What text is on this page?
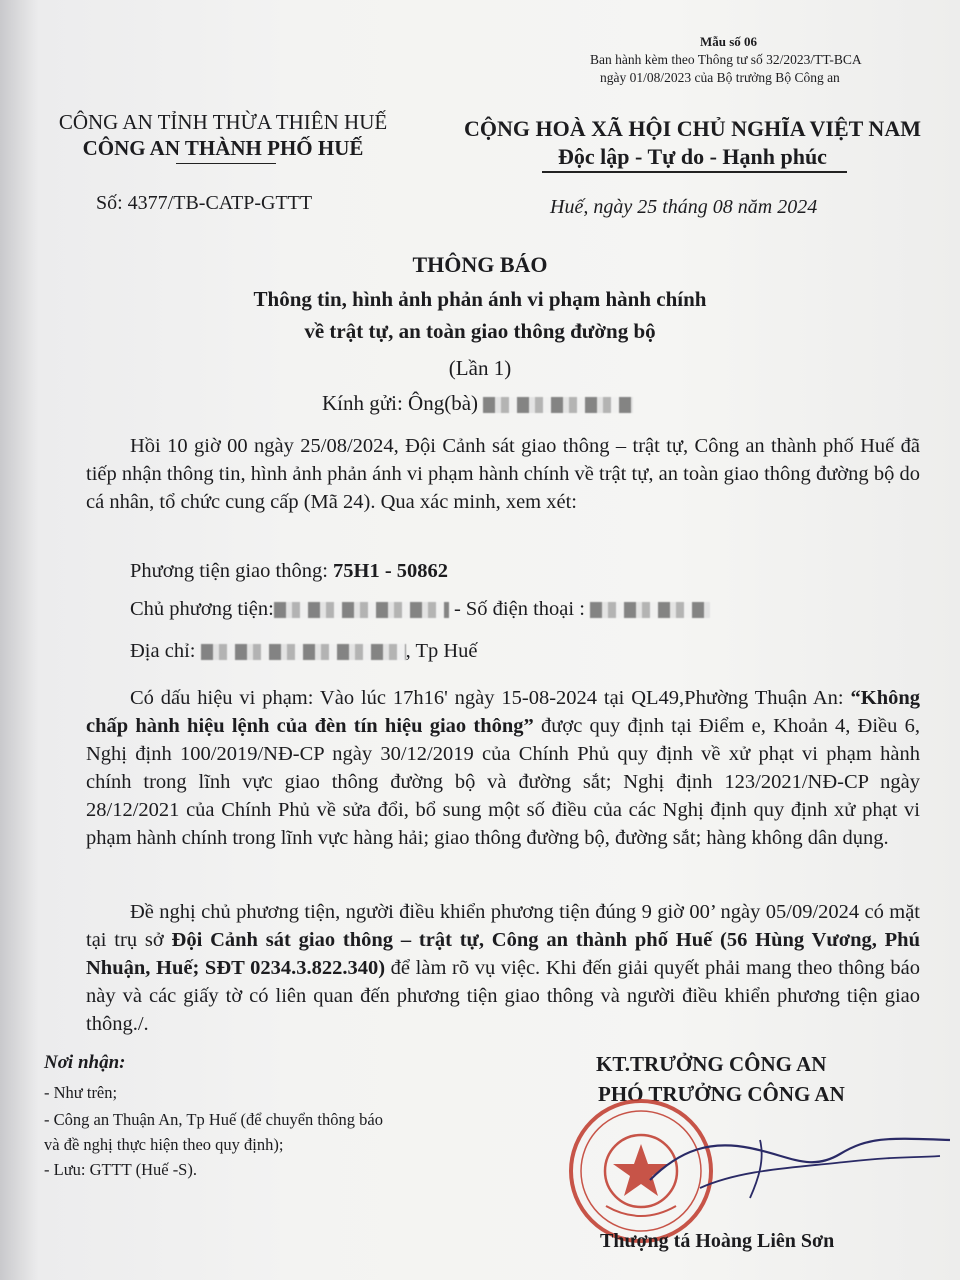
Mẫu số 06
Ban hành kèm theo Thông tư số 32/2023/TT-BCA
ngày 01/08/2023 của Bộ trưởng Bộ Công an
CÔNG AN TỈNH THỪA THIÊN HUẾ
CÔNG AN THÀNH PHỐ HUẾ
CỘNG HOÀ XÃ HỘI CHỦ NGHĨA VIỆT NAM
Độc lập - Tự do - Hạnh phúc
Số: 4377/TB-CATP-GTTT	Huế, ngày 25 tháng 08 năm 2024
THÔNG BÁO
Thông tin, hình ảnh phản ánh vi phạm hành chính
về trật tự, an toàn giao thông đường bộ
(Lần 1)
Kính gửi: Ông(bà)
Hồi 10 giờ 00 ngày 25/08/2024, Đội Cảnh sát giao thông – trật tự, Công an thành phố Huế đã tiếp nhận thông tin, hình ảnh phản ánh vi phạm hành chính về trật tự, an toàn giao thông đường bộ do cá nhân, tổ chức cung cấp (Mã 24). Qua xác minh, xem xét:
Phương tiện giao thông: 75H1 - 50862
Chủ phương tiện:	- Số điện thoại :
Địa chỉ:	, Tp Huế
Có dấu hiệu vi phạm: Vào lúc 17h16' ngày 15-08-2024 tại QL49,Phường Thuận An: “Không chấp hành hiệu lệnh của đèn tín hiệu giao thông” được quy định tại Điểm e, Khoản 4, Điều 6, Nghị định 100/2019/NĐ-CP ngày 30/12/2019 của Chính Phủ quy định về xử phạt vi phạm hành chính trong lĩnh vực giao thông đường bộ và đường sắt; Nghị định 123/2021/NĐ-CP ngày 28/12/2021 của Chính Phủ về sửa đổi, bổ sung một số điều của các Nghị định quy định xử phạt vi phạm hành chính trong lĩnh vực hàng hải; giao thông đường bộ, đường sắt; hàng không dân dụng.
Đề nghị chủ phương tiện, người điều khiển phương tiện đúng 9 giờ 00’ ngày 05/09/2024 có mặt tại trụ sở Đội Cảnh sát giao thông – trật tự, Công an thành phố Huế (56 Hùng Vương, Phú Nhuận, Huế; SĐT 0234.3.822.340) để làm rõ vụ việc. Khi đến giải quyết phải mang theo thông báo này và các giấy tờ có liên quan đến phương tiện giao thông và người điều khiển phương tiện giao thông./.
Nơi nhận:
- Như trên;
- Công an Thuận An, Tp Huế (để chuyển thông báo
và đề nghị thực hiện theo quy định);
- Lưu: GTTT (Huế -S).
KT.TRƯỞNG CÔNG AN
PHÓ TRƯỞNG CÔNG AN
Thượng tá Hoàng Liên Sơn
